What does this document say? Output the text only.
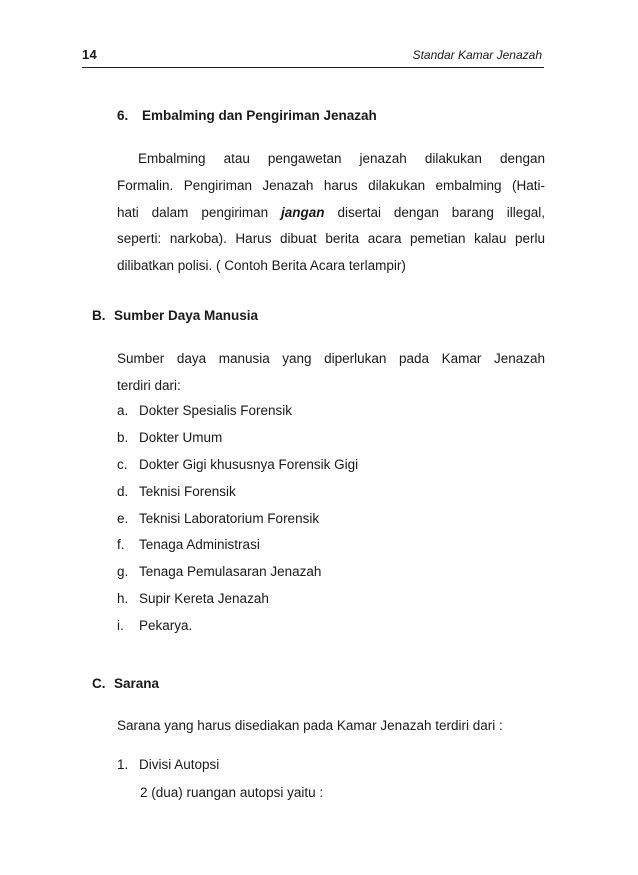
14	Standar Kamar Jenazah
6. Embalming dan Pengiriman Jenazah
Embalming atau pengawetan jenazah dilakukan dengan
Formalin. Pengiriman Jenazah harus dilakukan embalming (Hati-
hati dalam pengiriman jangan disertai dengan barang illegal,
seperti: narkoba). Harus dibuat berita acara pemetian kalau perlu
dilibatkan polisi. ( Contoh Berita Acara terlampir)
B. Sumber Daya Manusia
Sumber daya manusia yang diperlukan pada Kamar Jenazah
terdiri dari:
a. Dokter Spesialis Forensik
b. Dokter Umum
c. Dokter Gigi khususnya Forensik Gigi
d. Teknisi Forensik
e. Teknisi Laboratorium Forensik
f. Tenaga Administrasi
g. Tenaga Pemulasaran Jenazah
h. Supir Kereta Jenazah
i. Pekarya.
C. Sarana
Sarana yang harus disediakan pada Kamar Jenazah terdiri dari :
1. Divisi Autopsi
2 (dua) ruangan autopsi yaitu :
